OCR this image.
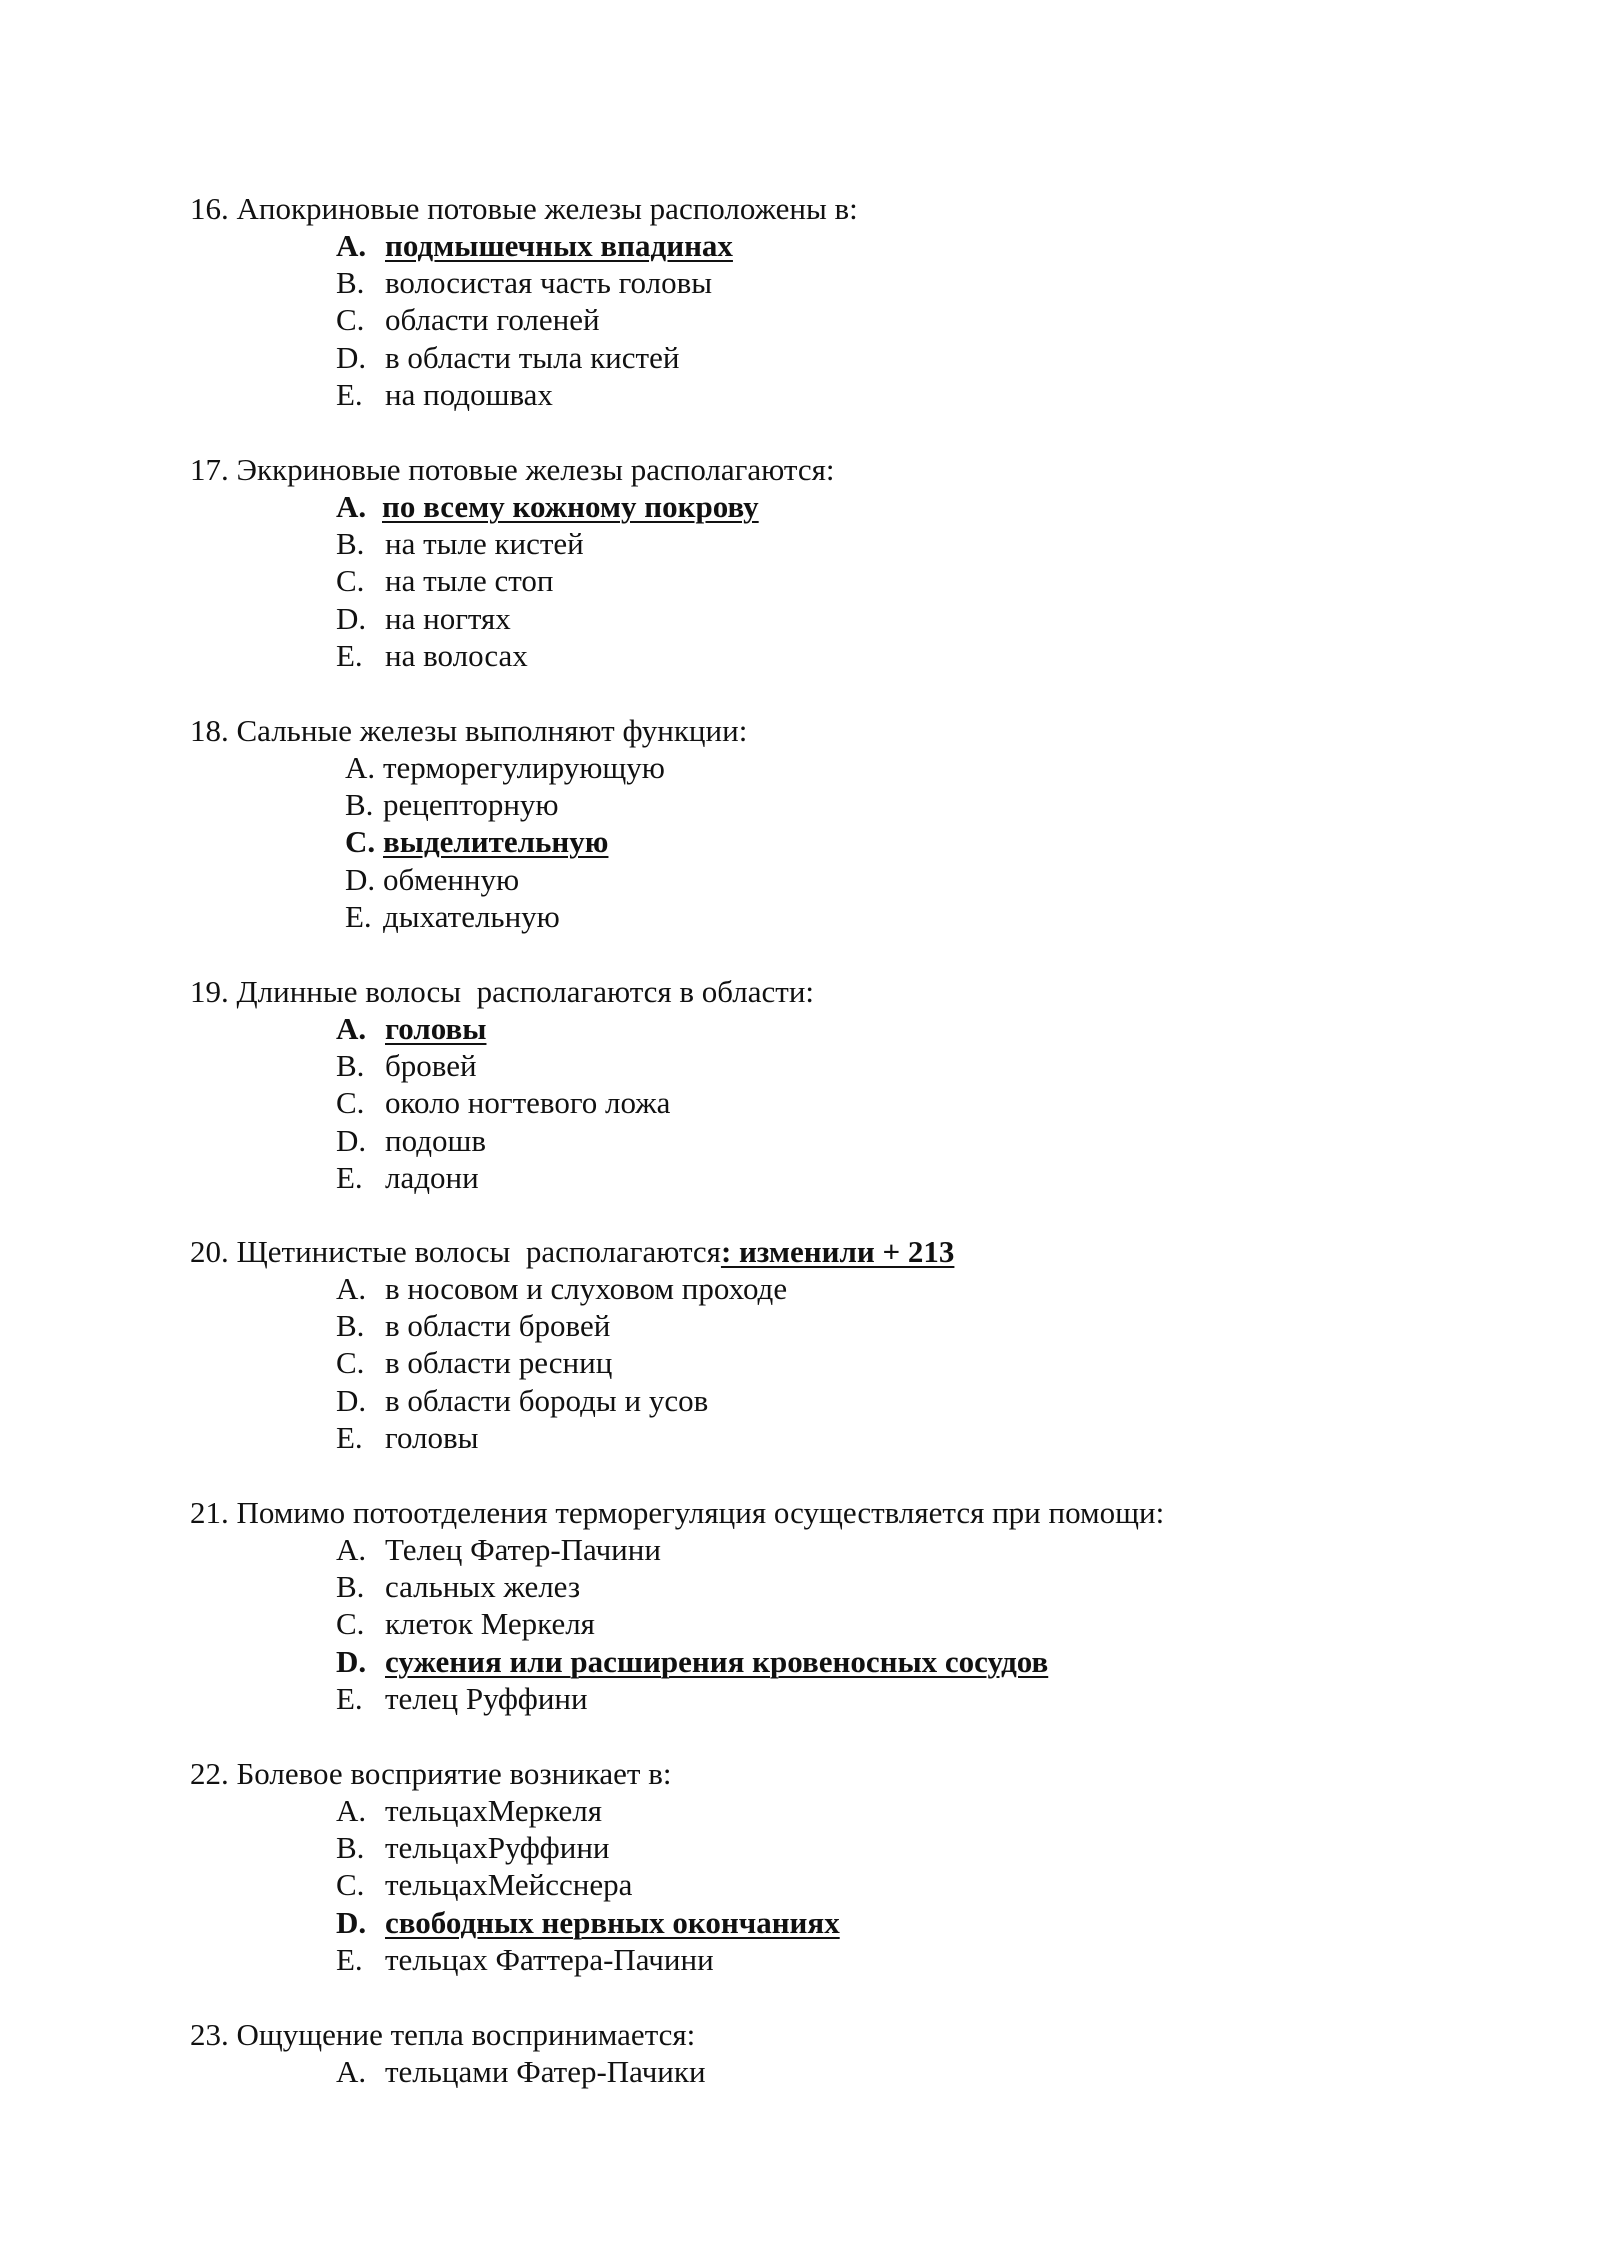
16. Апокриновые потовые железы расположены в:
A. подмышечных впадинах
B. волосистая часть головы
C. области голеней
D. в области тыла кистей
E. на подошвах
17. Эккриновые потовые железы располагаются:
A. по всему кожному покрову
B. на тыле кистей
C. на тыле стоп
D. на ногтях
E. на волосах
18. Сальные железы выполняют функции:
A. терморегулирующую
B. рецепторную
C. выделительную
D. обменную
E. дыхательную
19. Длинные волосы  располагаются в области:
A. головы
B. бровей
C. около ногтевого ложа
D. подошв
E. ладони
20. Щетинистые волосы  располагаются: изменили + 213
A. в носовом и слуховом проходе
B. в области бровей
C. в области ресниц
D. в области бороды и усов
E. головы
21. Помимо потоотделения терморегуляция осуществляется при помощи:
A. Телец Фатер-Пачини
B. сальных желез
C. клеток Меркеля
D. сужения или расширения кровеносных сосудов
E. телец Руффини
22. Болевое восприятие возникает в:
A. тельцахМеркеля
B. тельцахРуффини
C. тельцахМейсснера
D. свободных нервных окончаниях
E. тельцах Фаттера-Пачини
23. Ощущение тепла воспринимается:
A. тельцами Фатер-Пачики
